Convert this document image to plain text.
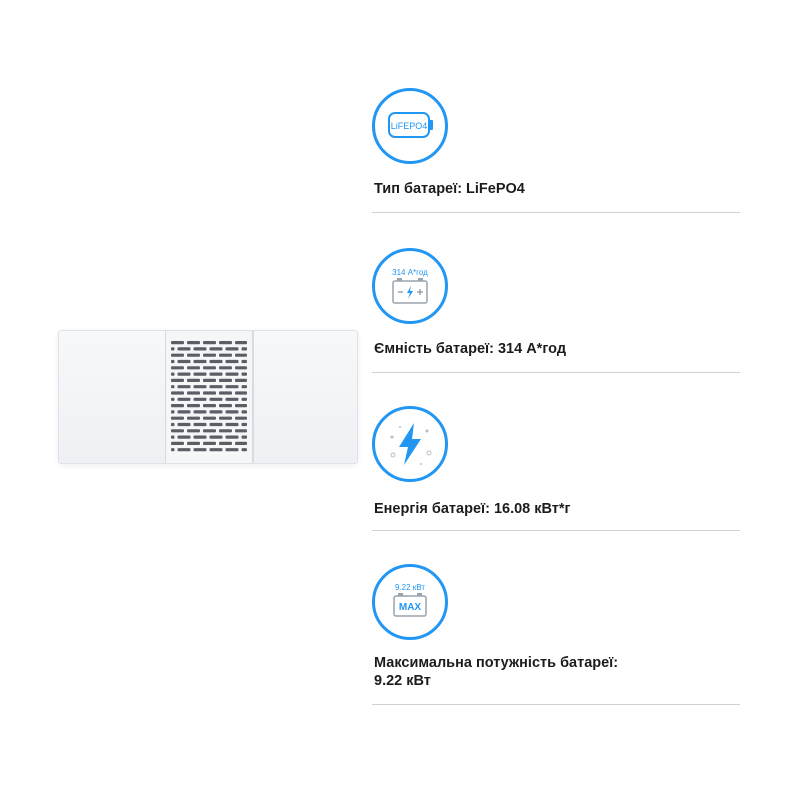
LiFEPO4
Тип батареї: LiFePO4
314 А*год
Ємність батареї: 314 А*год
Енергія батареї: 16.08 кВт*г
9.22 кВт
MAX
Максимальна потужність батареї:
9.22 кВт
